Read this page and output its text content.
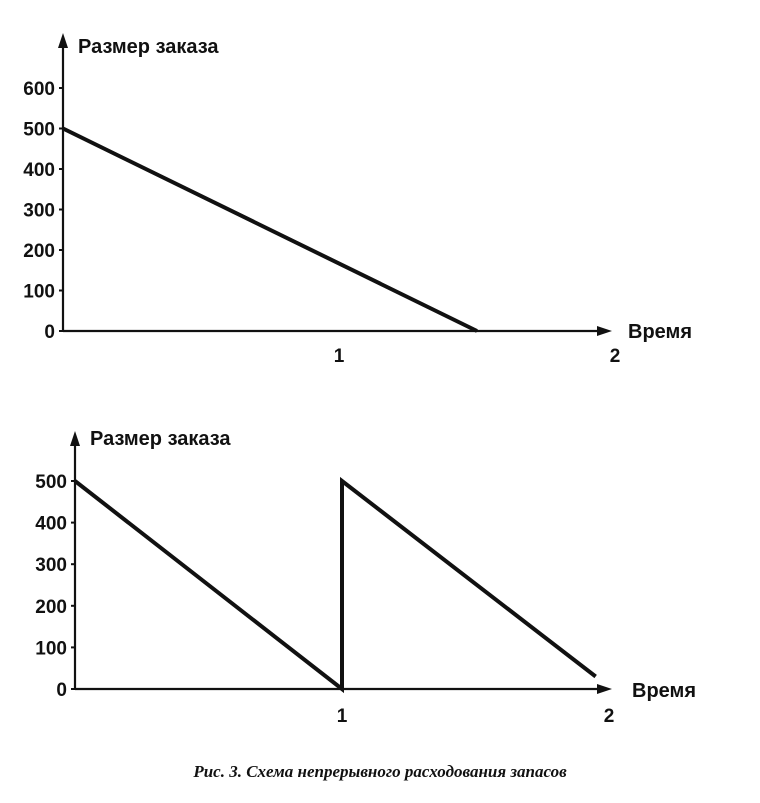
Размер заказа
Время
0
100
200
300
400
500
600
1	2
Размер заказа
Время
0
100
200
300
400
500
1	2
Рис. 3. Схема непрерывного расходования запасов
